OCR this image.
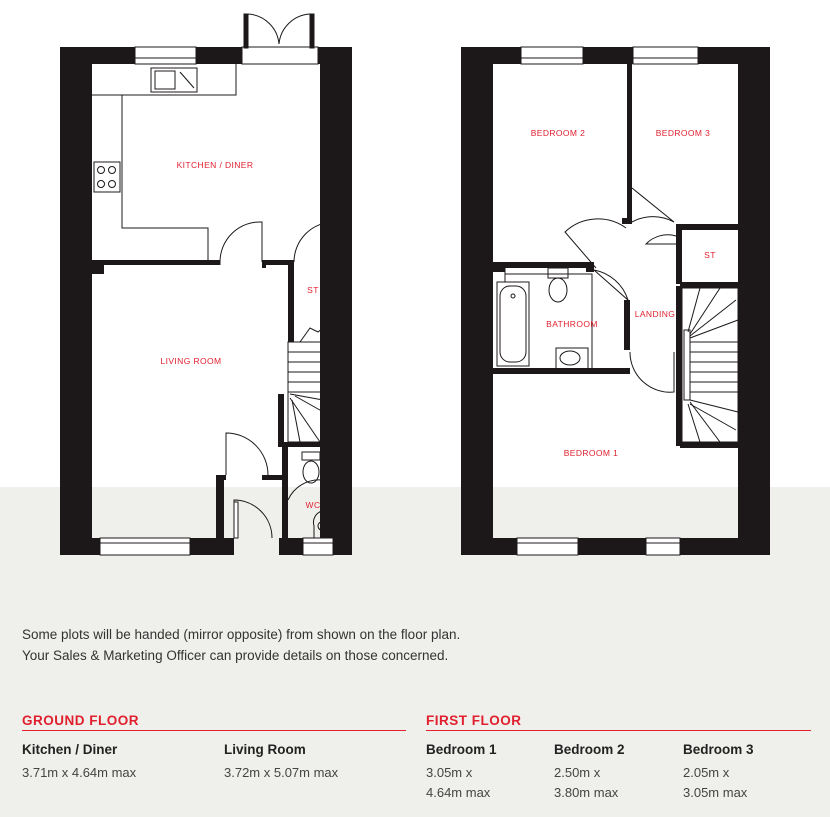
KITCHEN / DINER
LIVING ROOM
ST
WC
BEDROOM 2	BEDROOM 3
ST
BATHROOM
LANDING
BEDROOM 1

Some plots will be handed (mirror opposite) from shown on the floor plan.

Your Sales & Marketing Officer can provide details on those concerned.

GROUND FLOOR
Kitchen / Diner
3.71m x 4.64m max
Living Room
3.72m x 5.07m max
FIRST FLOOR
Bedroom 1
3.05m x
4.64m max
Bedroom 2
2.50m x
3.80m max
Bedroom 3
2.05m x
3.05m max
